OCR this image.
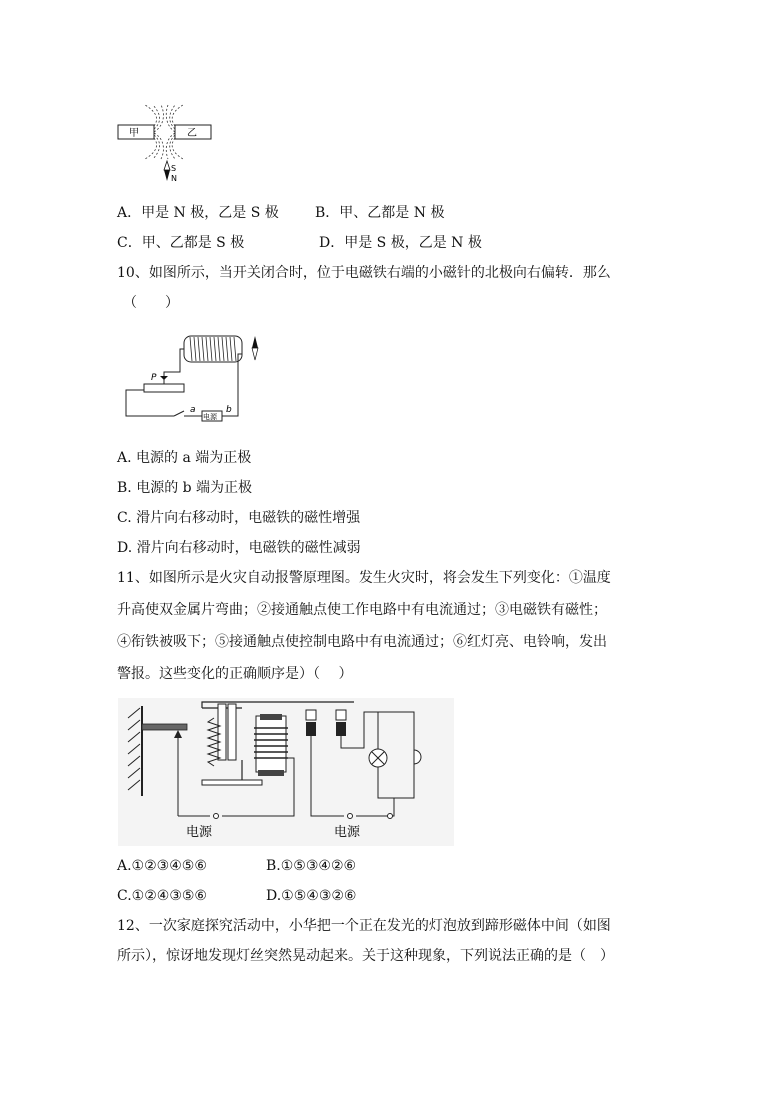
甲	乙
S
N
A．甲是 N 极，乙是 S 极	B．甲、乙都是 N 极
C．甲、乙都是 S 极	D．甲是 S 极，乙是 N 极
10、如图所示，当开关闭合时，位于电磁铁右端的小磁针的北极向右偏转．那么
（　　）
P
电源
a	b
A. 电源的 a 端为正极
B. 电源的 b 端为正极
C. 滑片向右移动时，电磁铁的磁性增强
D. 滑片向右移动时，电磁铁的磁性减弱
11、如图所示是火灾自动报警原理图。发生火灾时，将会发生下列变化：①温度
升高使双金属片弯曲；②接通触点使工作电路中有电流通过；③电磁铁有磁性；
④衔铁被吸下；⑤接通触点使控制电路中有电流通过；⑥红灯亮、电铃响，发出
警报。这些变化的正确顺序是）（　 ）
电源	电源
A.①②③④⑤⑥	B.①⑤③④②⑥
C.①②④③⑤⑥	D.①⑤④③②⑥
12、一次家庭探究活动中，小华把一个正在发光的灯泡放到蹄形磁体中间（如图
所示），惊讶地发现灯丝突然晃动起来。关于这种现象，下列说法正确的是（　）
